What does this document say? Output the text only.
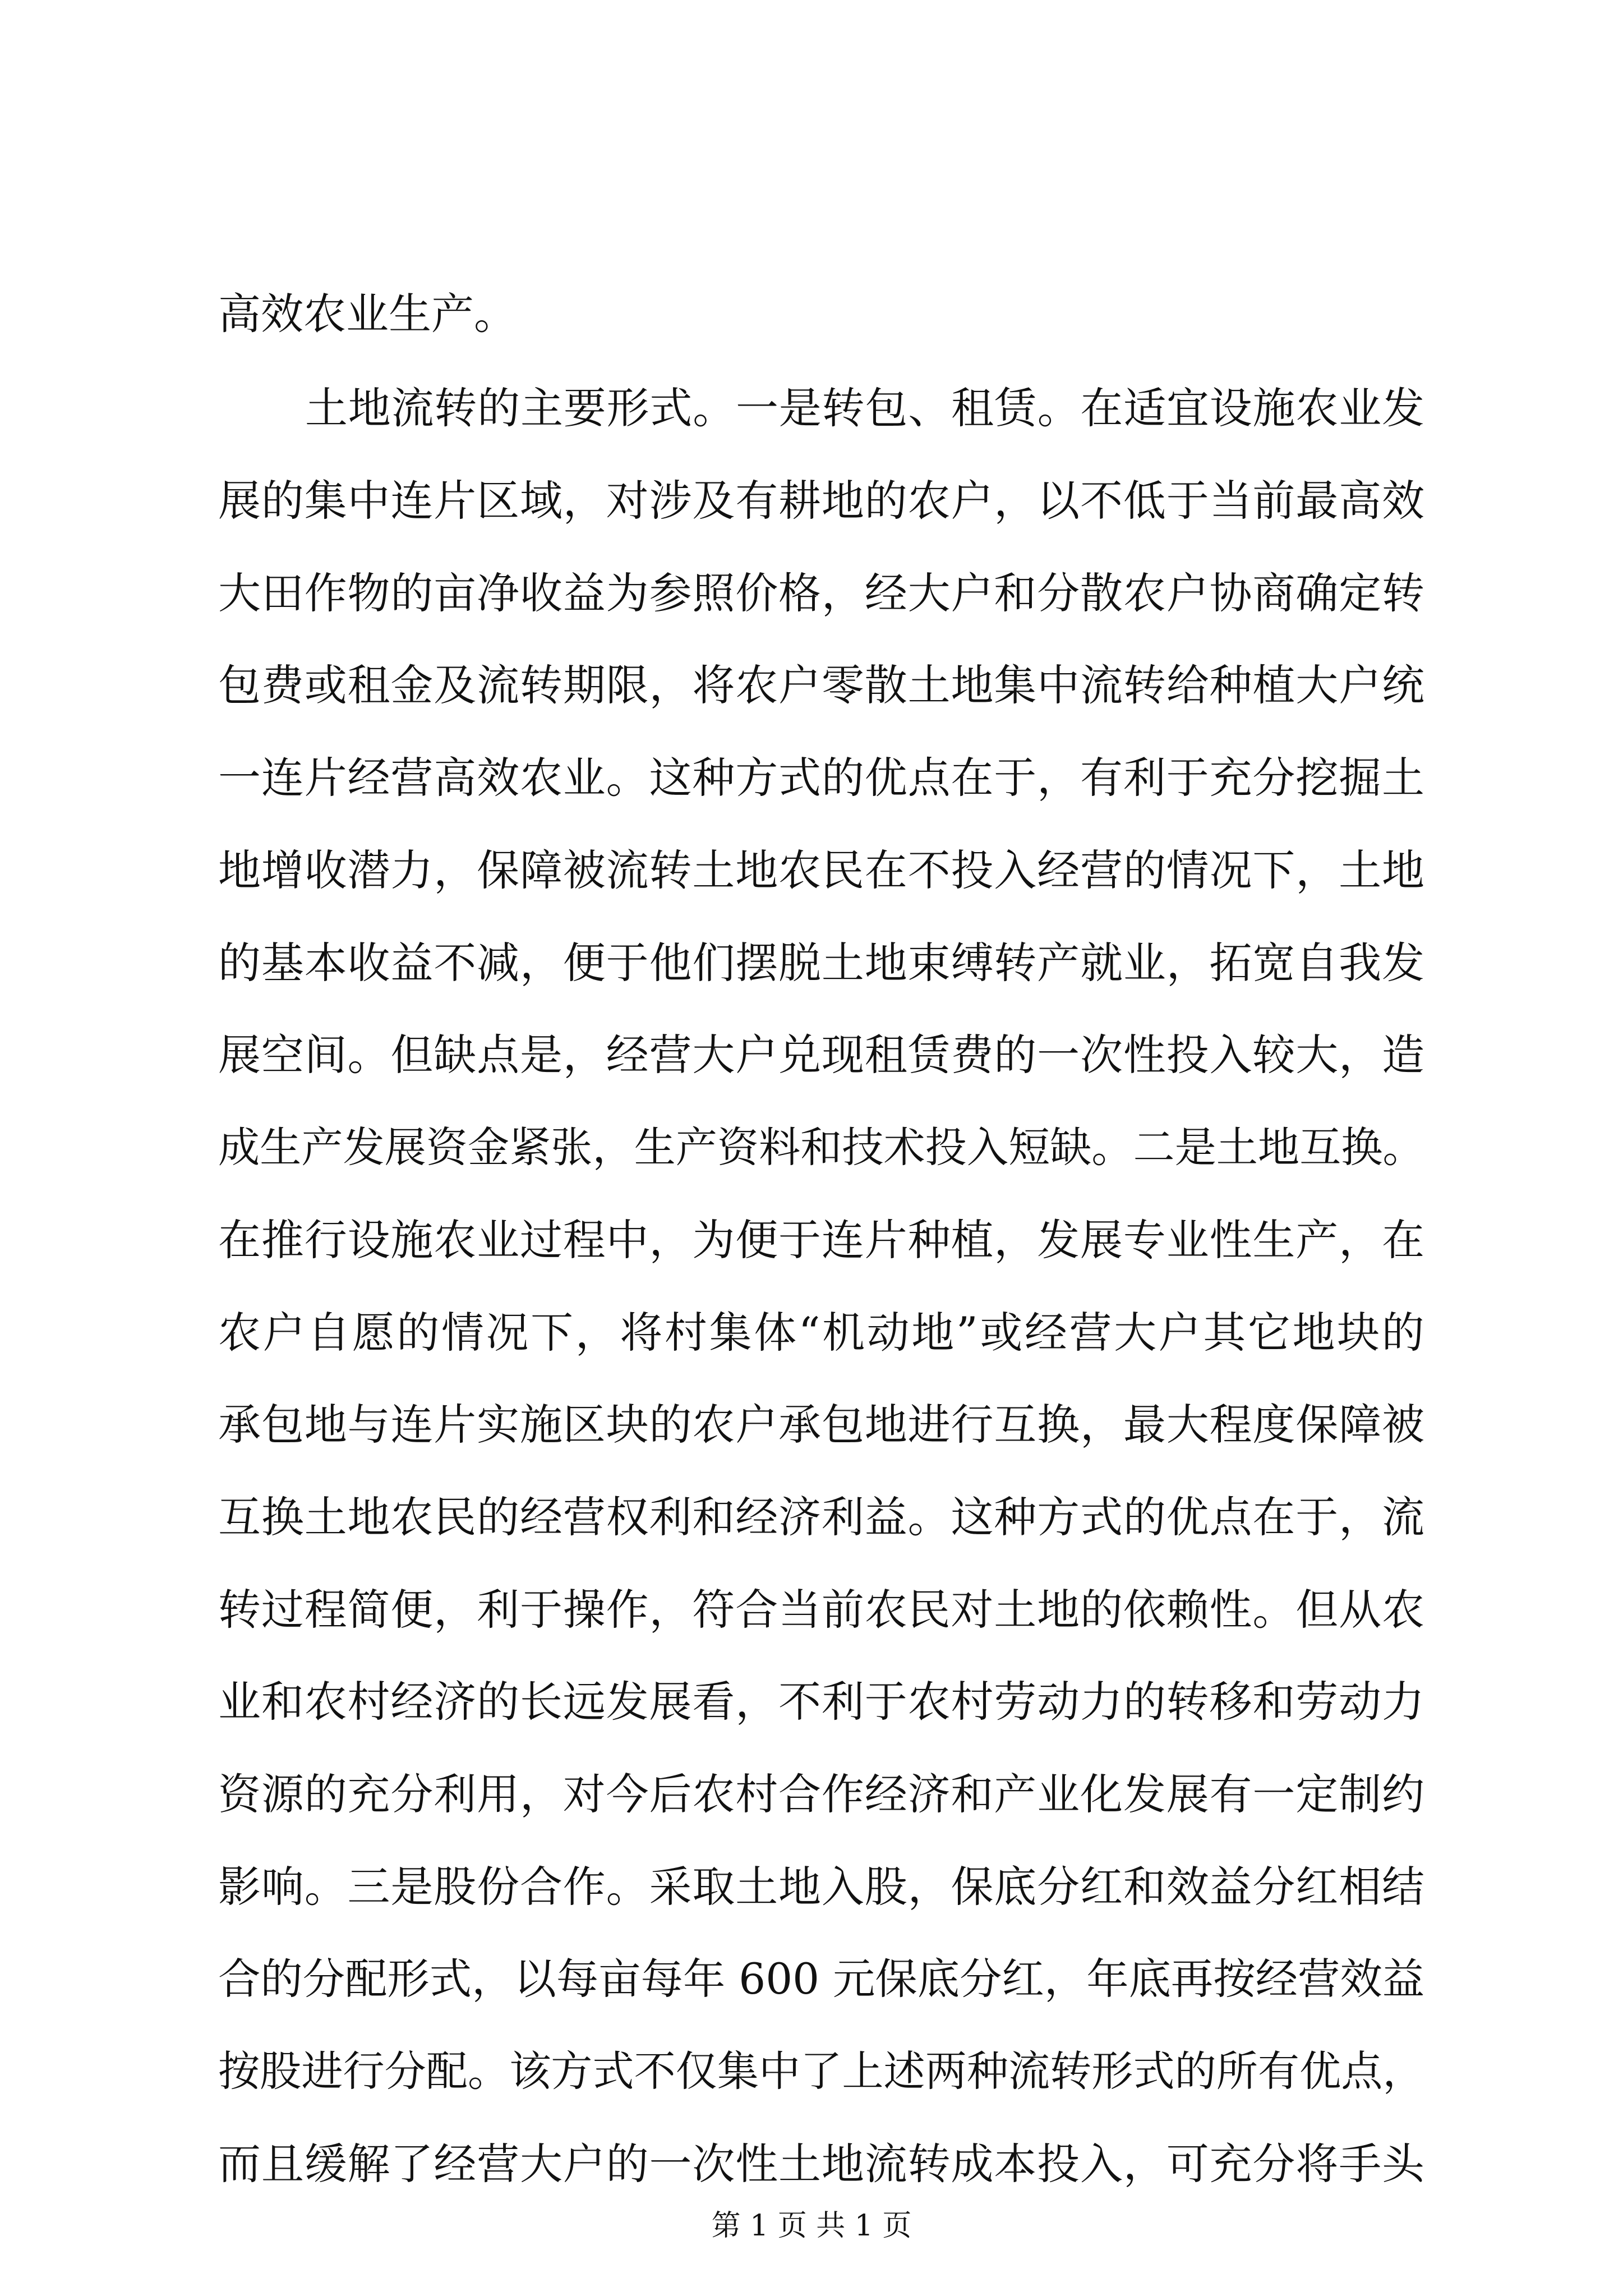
高效农业生产。
土地流转的主要形式。一是转包、租赁。在适宜设施农业发
展的集中连片区域，对涉及有耕地的农户，以不低于当前最高效
大田作物的亩净收益为参照价格，经大户和分散农户协商确定转
包费或租金及流转期限，将农户零散土地集中流转给种植大户统
一连片经营高效农业。这种方式的优点在于，有利于充分挖掘土
地增收潜力，保障被流转土地农民在不投入经营的情况下，土地
的基本收益不减，便于他们摆脱土地束缚转产就业，拓宽自我发
展空间。但缺点是，经营大户兑现租赁费的一次性投入较大，造
成生产发展资金紧张，生产资料和技术投入短缺。二是土地互换。
在推行设施农业过程中，为便于连片种植，发展专业性生产，在
农户自愿的情况下，将村集体“机动地”或经营大户其它地块的
承包地与连片实施区块的农户承包地进行互换，最大程度保障被
互换土地农民的经营权利和经济利益。这种方式的优点在于，流
转过程简便，利于操作，符合当前农民对土地的依赖性。但从农
业和农村经济的长远发展看，不利于农村劳动力的转移和劳动力
资源的充分利用，对今后农村合作经济和产业化发展有一定制约
影响。三是股份合作。采取土地入股，保底分红和效益分红相结
合的分配形式，以每亩每年 600 元保底分红，年底再按经营效益
按股进行分配。该方式不仅集中了上述两种流转形式的所有优点，
而且缓解了经营大户的一次性土地流转成本投入，可充分将手头
第 1 页 共 1 页
